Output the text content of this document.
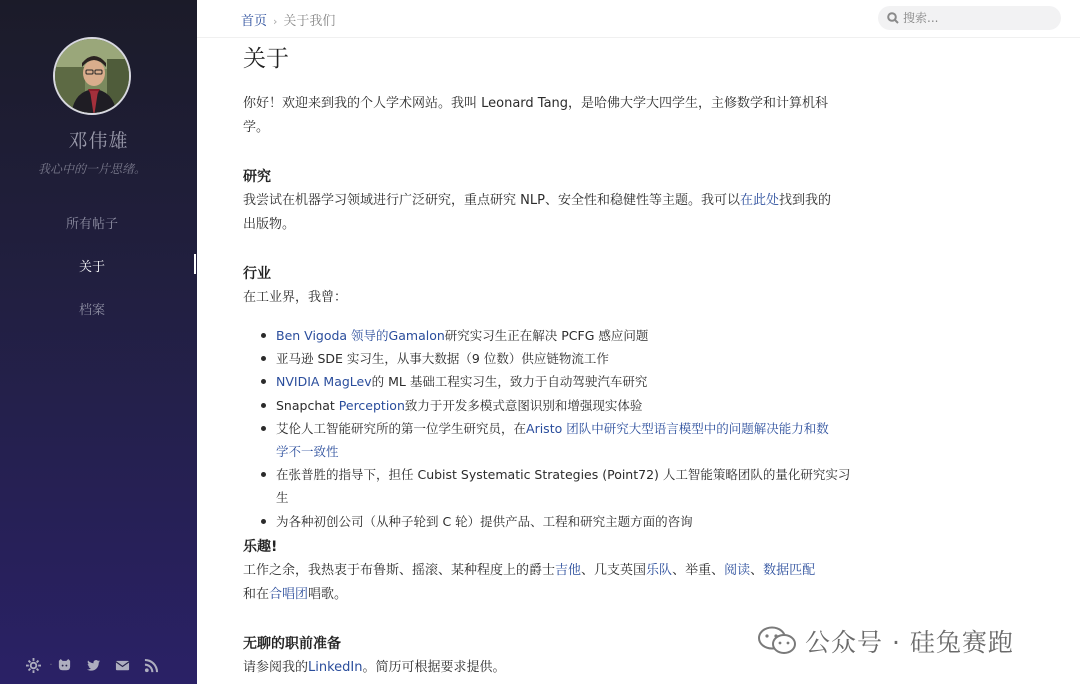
邓伟雄
我心中的一片思绪。
所有帖子
关于
档案
·
首页 › 关于我们
搜索...
关于
你好！欢迎来到我的个人学术网站。我叫 Leonard Tang，是哈佛大学大四学生，主修数学和计算机科
学。
研究
我尝试在机器学习领域进行广泛研究，重点研究 NLP、安全性和稳健性等主题。我可以在此处找到我的
出版物。
行业
在工业界，我曾：
Ben Vigoda 领导的Gamalon研究实习生正在解决 PCFG 感应问题
亚马逊 SDE 实习生，从事大数据（9 位数）供应链物流工作
NVIDIA MagLev的 ML 基础工程实习生，致力于自动驾驶汽车研究
Snapchat Perception致力于开发多模式意图识别和增强现实体验
艾伦人工智能研究所的第一位学生研究员，在Aristo 团队中研究大型语言模型中的问题解决能力和数
学不一致性
在张普胜的指导下，担任 Cubist Systematic Strategies (Point72) 人工智能策略团队的量化研究实习生
为各种初创公司（从种子轮到 C 轮）提供产品、工程和研究主题方面的咨询
乐趣!
工作之余，我热衷于布鲁斯、摇滚、某种程度上的爵士吉他、几支英国乐队、举重、阅读、数据匹配
和在合唱团唱歌。
无聊的职前准备
请参阅我的LinkedIn。简历可根据要求提供。
公众号 · 硅兔赛跑
